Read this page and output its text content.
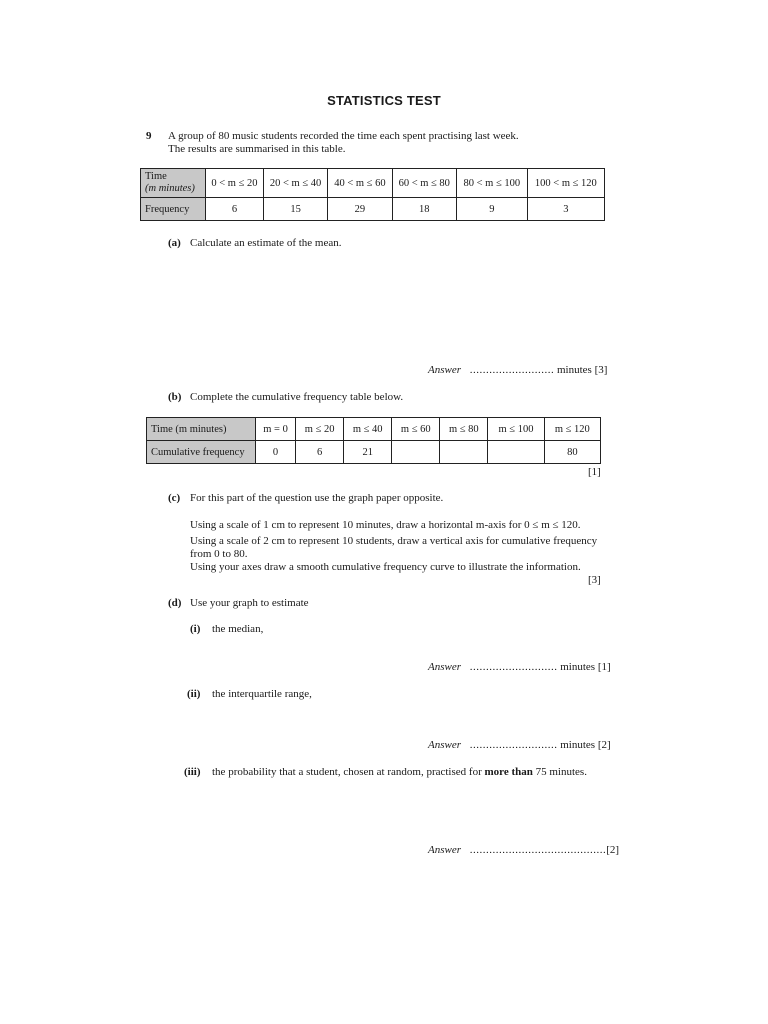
STATISTICS TEST
9 A group of 80 music students recorded the time each spent practising last week.
The results are summarised in this table.
Time
(m minutes)	0 < m ≤ 20	20 < m ≤ 40	40 < m ≤ 60	60 < m ≤ 80	80 < m ≤ 100	100 < m ≤ 120
Frequency	6	15	29	18	9	3
(a) Calculate an estimate of the mean.
Answer .......................... minutes [3]
(b) Complete the cumulative frequency table below.
Time (m minutes)	m = 0	m ≤ 20	m ≤ 40	m ≤ 60	m ≤ 80	m ≤ 100	m ≤ 120
Cumulative frequency	0	6	21				80
[1]
(c) For this part of the question use the graph paper opposite.
Using a scale of 1 cm to represent 10 minutes, draw a horizontal m-axis for 0 ≤ m ≤ 120.
Using a scale of 2 cm to represent 10 students, draw a vertical axis for cumulative frequency
from 0 to 80.
Using your axes draw a smooth cumulative frequency curve to illustrate the information.
[3]
(d) Use your graph to estimate
(i) the median,
Answer ........................... minutes [1]
(ii) the interquartile range,
Answer ........................... minutes [2]
(iii) the probability that a student, chosen at random, practised for more than 75 minutes.
Answer ..........................................[2]
